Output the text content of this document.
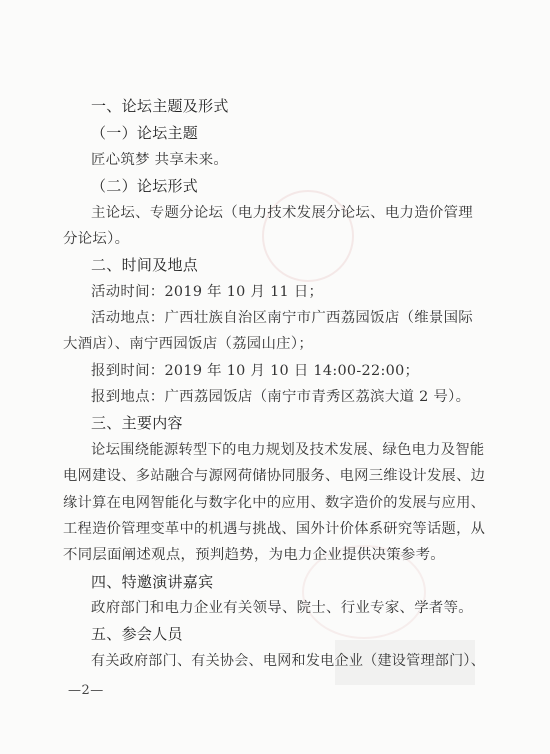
一、论坛主题及形式
（一）论坛主题
匠心筑梦 共享未来。
（二）论坛形式
主论坛、专题分论坛（电力技术发展分论坛、电力造价管理
分论坛）。
二、时间及地点
活动时间：2019 年 10 月 11 日；
活动地点：广西壮族自治区南宁市广西荔园饭店（维景国际
大酒店）、南宁西园饭店（荔园山庄）；
报到时间：2019 年 10 月 10 日 14:00-22:00；
报到地点：广西荔园饭店（南宁市青秀区荔滨大道 2 号）。
三、主要内容
论坛围绕能源转型下的电力规划及技术发展、绿色电力及智能
电网建设、多站融合与源网荷储协同服务、电网三维设计发展、边
缘计算在电网智能化与数字化中的应用、数字造价的发展与应用、
工程造价管理变革中的机遇与挑战、国外计价体系研究等话题，从
不同层面阐述观点，预判趋势，为电力企业提供决策参考。
四、特邀演讲嘉宾
政府部门和电力企业有关领导、院士、行业专家、学者等。
五、参会人员
有关政府部门、有关协会、电网和发电企业（建设管理部门）、
—2—
